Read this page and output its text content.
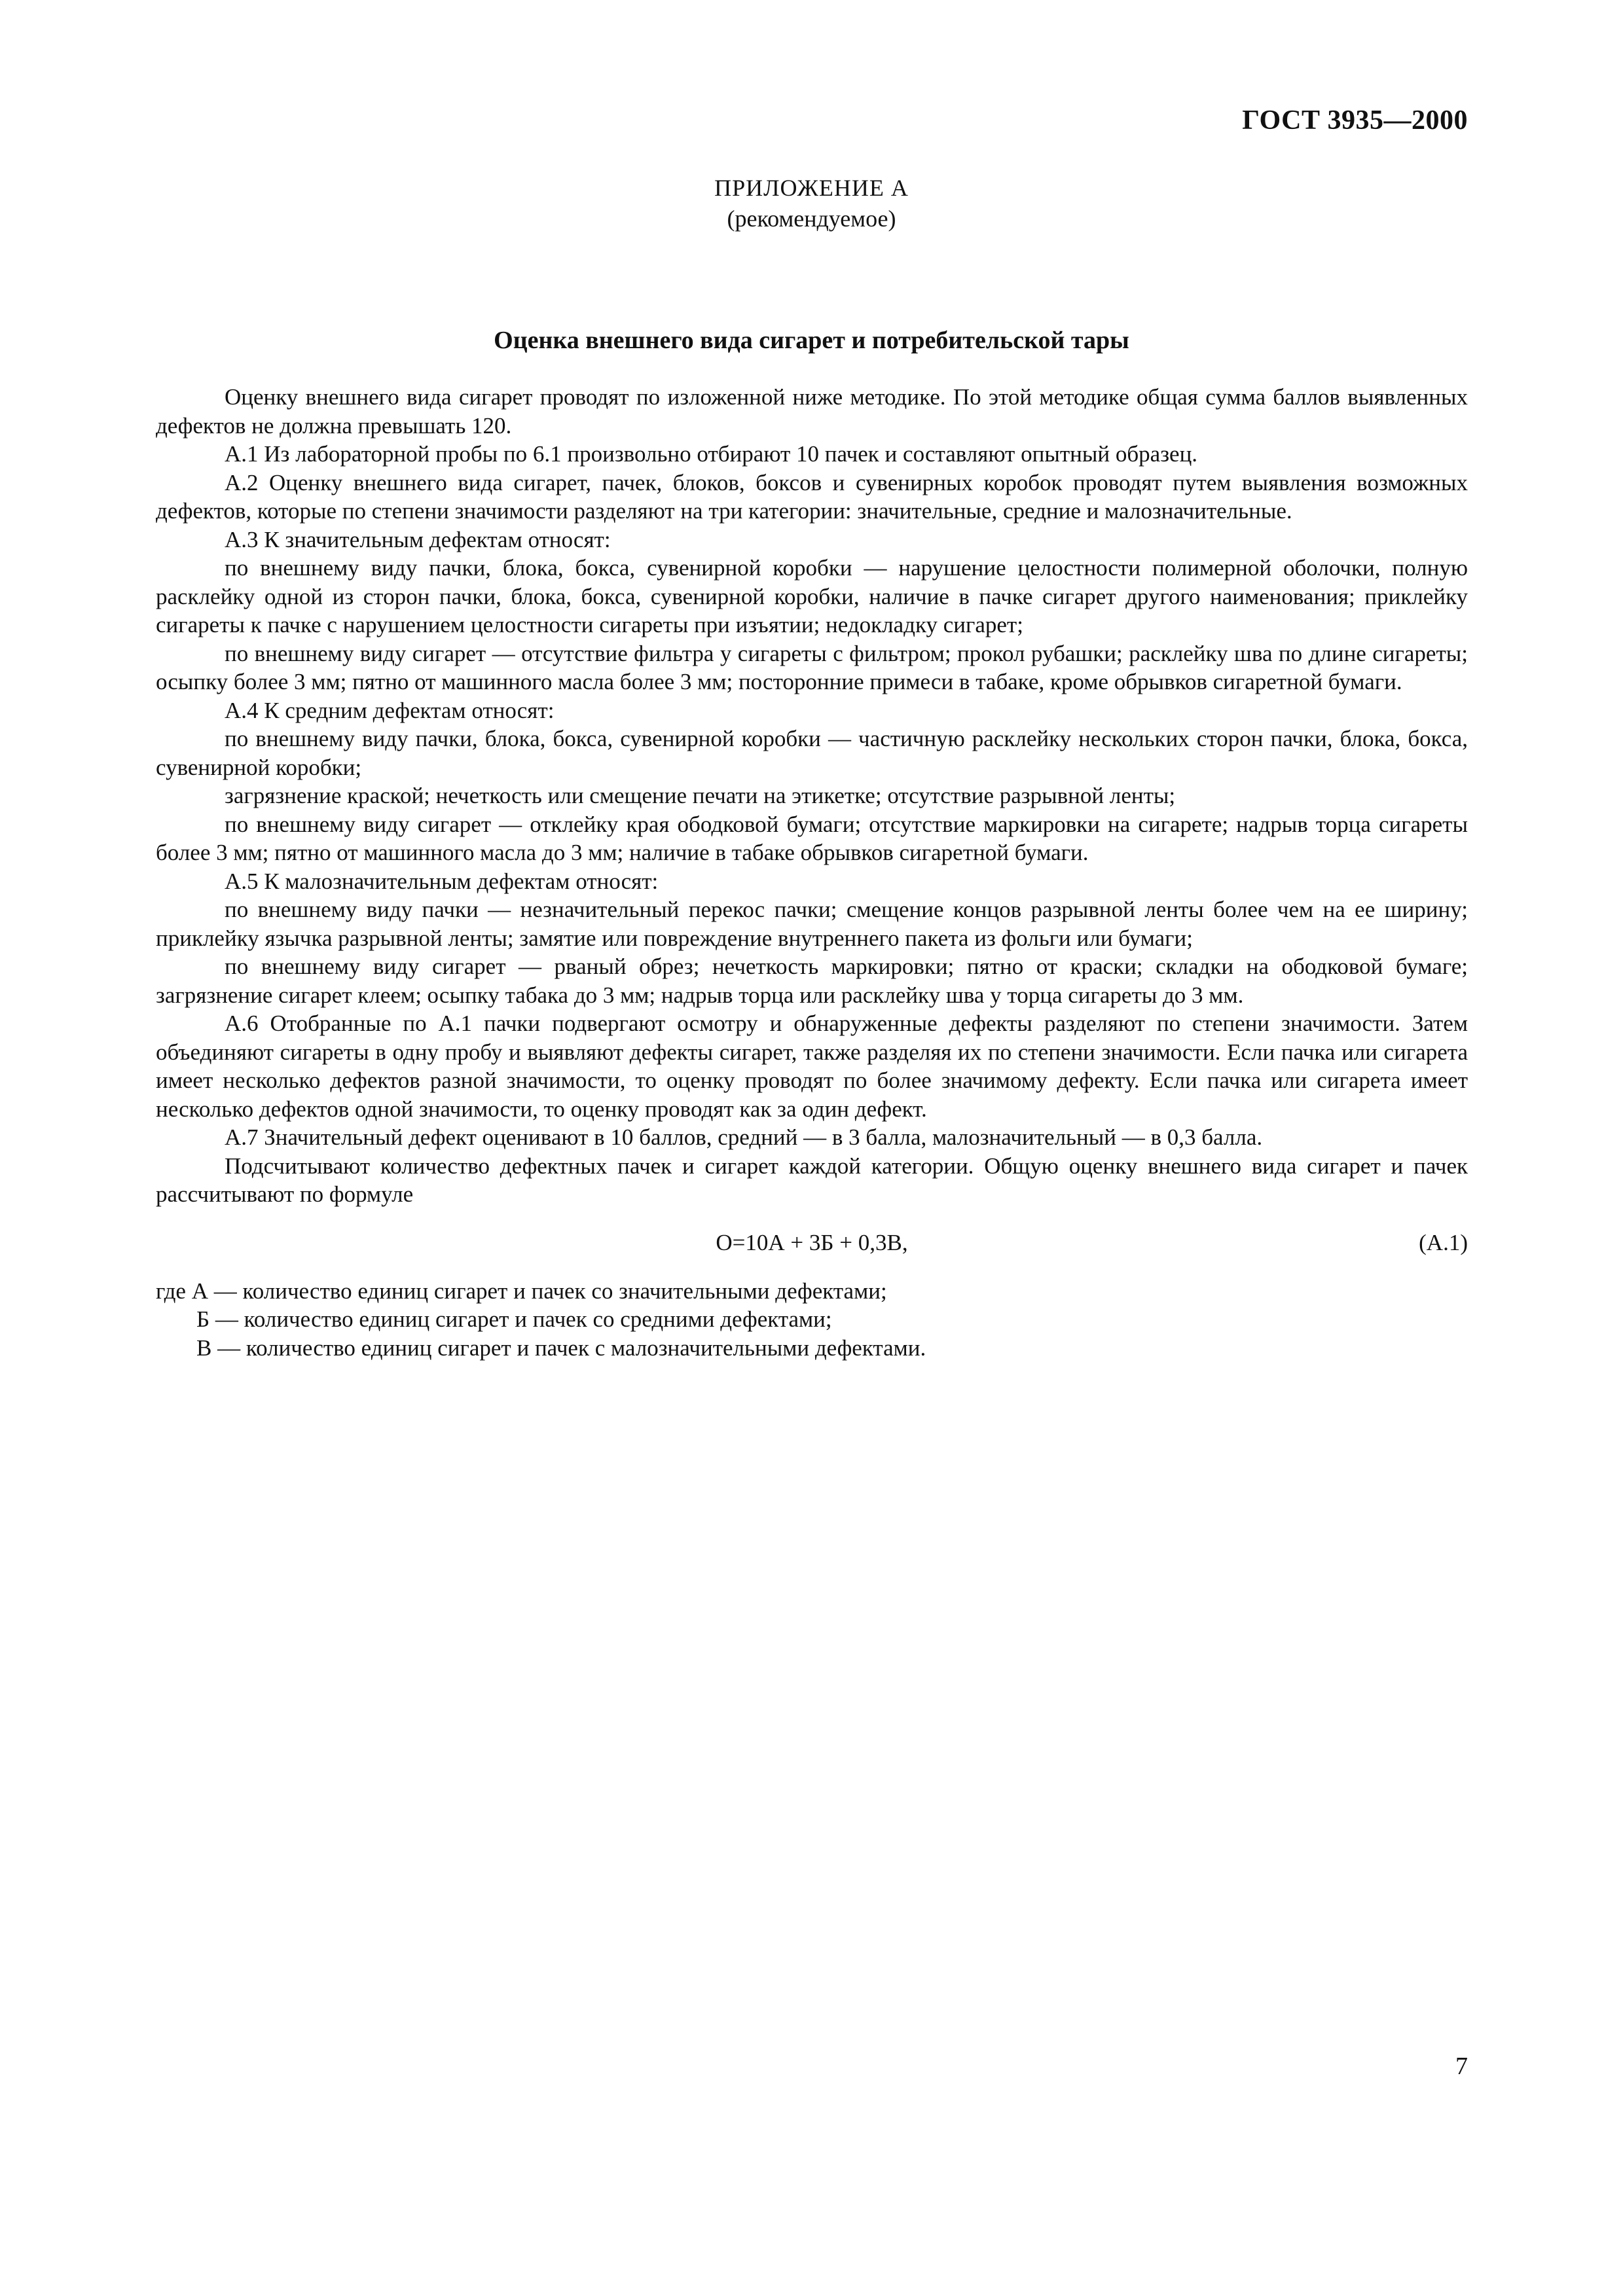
ГОСТ 3935—2000
ПРИЛОЖЕНИЕ А
(рекомендуемое)
Оценка внешнего вида сигарет и потребительской тары

Оценку внешнего вида сигарет проводят по изложенной ниже методике. По этой методике общая сумма баллов выявленных дефектов не должна превышать 120.

А.1 Из лабораторной пробы по 6.1 произвольно отбирают 10 пачек и составляют опытный образец.

А.2 Оценку внешнего вида сигарет, пачек, блоков, боксов и сувенирных коробок проводят путем выявления возможных дефектов, которые по степени значимости разделяют на три категории: значительные, средние и малозначительные.

А.3 К значительным дефектам относят:

по внешнему виду пачки, блока, бокса, сувенирной коробки — нарушение целостности полимерной оболочки, полную расклейку одной из сторон пачки, блока, бокса, сувенирной коробки, наличие в пачке сигарет другого наименования; приклейку сигареты к пачке с нарушением целостности сигареты при изъятии; недокладку сигарет;

по внешнему виду сигарет — отсутствие фильтра у сигареты с фильтром; прокол рубашки; расклейку шва по длине сигареты; осыпку более 3 мм; пятно от машинного масла более 3 мм; посторонние примеси в табаке, кроме обрывков сигаретной бумаги.

А.4 К средним дефектам относят:

по внешнему виду пачки, блока, бокса, сувенирной коробки — частичную расклейку нескольких сторон пачки, блока, бокса, сувенирной коробки;

загрязнение краской; нечеткость или смещение печати на этикетке; отсутствие разрывной ленты;

по внешнему виду сигарет — отклейку края ободковой бумаги; отсутствие маркировки на сигарете; надрыв торца сигареты более 3 мм; пятно от машинного масла до 3 мм; наличие в табаке обрывков сигаретной бумаги.

А.5 К малозначительным дефектам относят:

по внешнему виду пачки — незначительный перекос пачки; смещение концов разрывной ленты более чем на ее ширину; приклейку язычка разрывной ленты; замятие или повреждение внутреннего пакета из фольги или бумаги;

по внешнему виду сигарет — рваный обрез; нечеткость маркировки; пятно от краски; складки на ободковой бумаге; загрязнение сигарет клеем; осыпку табака до 3 мм; надрыв торца или расклейку шва у торца сигареты до 3 мм.

А.6 Отобранные по А.1 пачки подвергают осмотру и обнаруженные дефекты разделяют по степени значимости. Затем объединяют сигареты в одну пробу и выявляют дефекты сигарет, также разделяя их по степени значимости. Если пачка или сигарета имеет несколько дефектов разной значимости, то оценку проводят по более значимому дефекту. Если пачка или сигарета имеет несколько дефектов одной значимости, то оценку проводят как за один дефект.

А.7 Значительный дефект оценивают в 10 баллов, средний — в 3 балла, малозначительный — в 0,3 балла.

Подсчитывают количество дефектных пачек и сигарет каждой категории. Общую оценку внешнего вида сигарет и пачек рассчитывают по формуле

О=10А + 3Б + 0,3В,	(А.1)
где А — количество единиц сигарет и пачек со значительными дефектами;
Б — количество единиц сигарет и пачек со средними дефектами;
В — количество единиц сигарет и пачек с малозначительными дефектами.
7
